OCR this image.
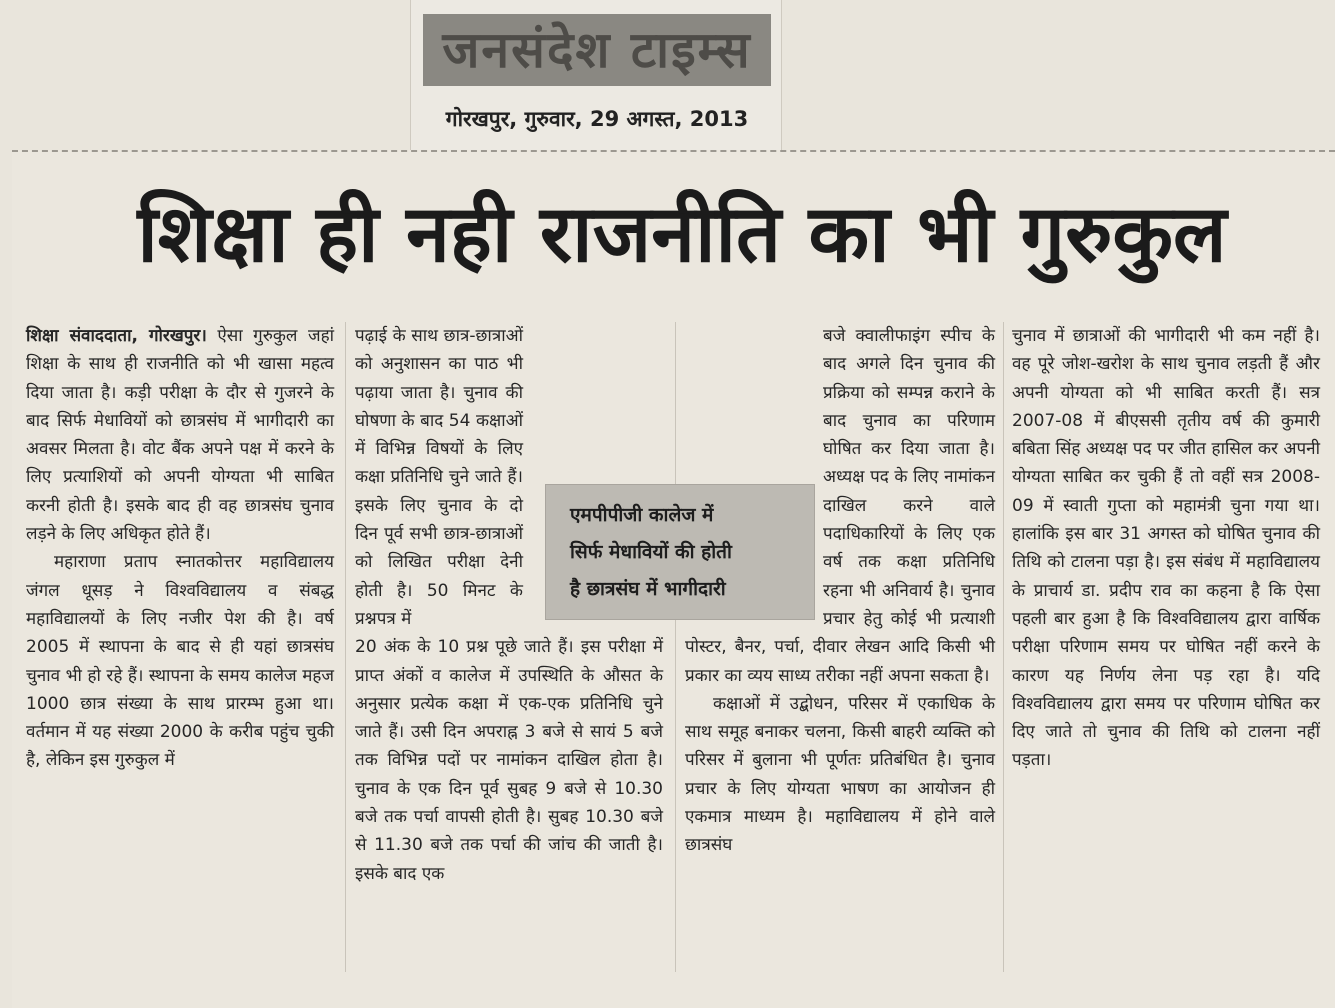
जनसंदेश टाइम्स
गोरखपुर, गुरुवार, 29 अगस्त, 2013
शिक्षा ही नही राजनीति का भी गुरुकुल

शिक्षा संवाददाता, गोरखपुर। ऐसा गुरुकुल जहां शिक्षा के साथ ही राजनीति को भी खासा महत्व दिया जाता है। कड़ी परीक्षा के दौर से गुजरने के बाद सिर्फ मेधावियों को छात्रसंघ में भागीदारी का अवसर मिलता है। वोट बैंक अपने पक्ष में करने के लिए प्रत्याशियों को अपनी योग्यता भी साबित करनी होती है। इसके बाद ही वह छात्रसंघ चुनाव लड़ने के लिए अधिकृत होते हैं।

महाराणा प्रताप स्नातकोत्तर महाविद्यालय जंगल धूसड़ ने विश्वविद्यालय व संबद्ध महाविद्यालयों के लिए नजीर पेश की है। वर्ष 2005 में स्थापना के बाद से ही यहां छात्रसंघ चुनाव भी हो रहे हैं। स्थापना के समय कालेज महज 1000 छात्र संख्या के साथ प्रारम्भ हुआ था। वर्तमान में यह संख्या 2000 के करीब पहुंच चुकी है, लेकिन इस गुरुकुल में

पढ़ाई के साथ छात्र-छात्राओं को अनुशासन का पाठ भी पढ़ाया जाता है। चुनाव की घोषणा के बाद 54 कक्षाओं में विभिन्न विषयों के लिए कक्षा प्रतिनिधि चुने जाते हैं। इसके लिए चुनाव के दो दिन पूर्व सभी छात्र-छात्राओं को लिखित परीक्षा देनी होती है। 50 मिनट के प्रश्नपत्र में

20 अंक के 10 प्रश्न पूछे जाते हैं। इस परीक्षा में प्राप्त अंकों व कालेज में उपस्थिति के औसत के अनुसार प्रत्येक कक्षा में एक-एक प्रतिनिधि चुने जाते हैं। उसी दिन अपराह्न 3 बजे से सायं 5 बजे तक विभिन्न पदों पर नामांकन दाखिल होता है। चुनाव के एक दिन पूर्व सुबह 9 बजे से 10.30 बजे तक पर्चा वापसी होती है। सुबह 10.30 बजे से 11.30 बजे तक पर्चा की जांच की जाती है। इसके बाद एक

बजे क्वालीफाइंग स्पीच के बाद अगले दिन चुनाव की प्रक्रिया को सम्पन्न कराने के बाद चुनाव का परिणाम घोषित कर दिया जाता है। अध्यक्ष पद के लिए नामांकन दाखिल करने वाले पदाधिकारियों के लिए एक वर्ष तक कक्षा प्रतिनिधि रहना भी अनिवार्य है। चुनाव प्रचार हेतु कोई भी प्रत्याशी पोस्टर, बैनर, पर्चा, दीवार लेखन आदि किसी भी प्रकार का व्यय साध्य तरीका नहीं अपना सकता है।

कक्षाओं में उद्बोधन, परिसर में एकाधिक के साथ समूह बनाकर चलना, किसी बाहरी व्यक्ति को परिसर में बुलाना भी पूर्णतः प्रतिबंधित है। चुनाव प्रचार के लिए योग्यता भाषण का आयोजन ही एकमात्र माध्यम है। महाविद्यालय में होने वाले छात्रसंघ

चुनाव में छात्राओं की भागीदारी भी कम नहीं है। वह पूरे जोश-खरोश के साथ चुनाव लड़ती हैं और अपनी योग्यता को भी साबित करती हैं। सत्र 2007-08 में बीएससी तृतीय वर्ष की कुमारी बबिता सिंह अध्यक्ष पद पर जीत हासिल कर अपनी योग्यता साबित कर चुकी हैं तो वहीं सत्र 2008-09 में स्वाती गुप्ता को महामंत्री चुना गया था। हालांकि इस बार 31 अगस्त को घोषित चुनाव की तिथि को टालना पड़ा है। इस संबंध में महाविद्यालय के प्राचार्य डा. प्रदीप राव का कहना है कि ऐसा पहली बार हुआ है कि विश्वविद्यालय द्वारा वार्षिक परीक्षा परिणाम समय पर घोषित नहीं करने के कारण यह निर्णय लेना पड़ रहा है। यदि विश्वविद्यालय द्वारा समय पर परिणाम घोषित कर दिए जाते तो चुनाव की तिथि को टालना नहीं पड़ता।

एमपीपीजी कालेज में
सिर्फ मेधावियों की होती
है छात्रसंघ में भागीदारी
